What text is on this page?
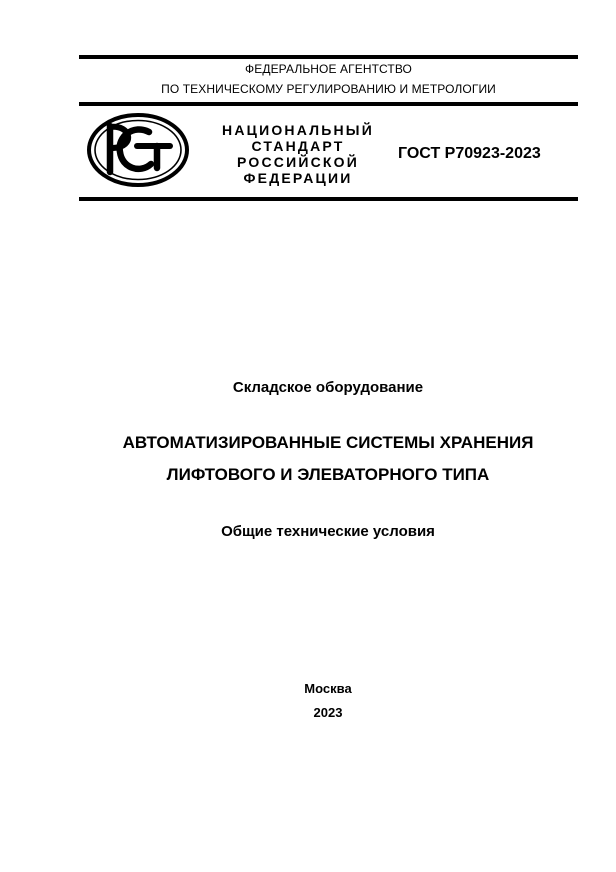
ФЕДЕРАЛЬНОЕ АГЕНТСТВО
ПО ТЕХНИЧЕСКОМУ РЕГУЛИРОВАНИЮ И МЕТРОЛОГИИ
НАЦИОНАЛЬНЫЙ
СТАНДАРТ
РОССИЙСКОЙ
ФЕДЕРАЦИИ
ГОСТ Р70923-2023
Складское оборудование
АВТОМАТИЗИРОВАННЫЕ СИСТЕМЫ ХРАНЕНИЯ
ЛИФТОВОГО И ЭЛЕВАТОРНОГО ТИПА
Общие технические условия
Москва
2023
